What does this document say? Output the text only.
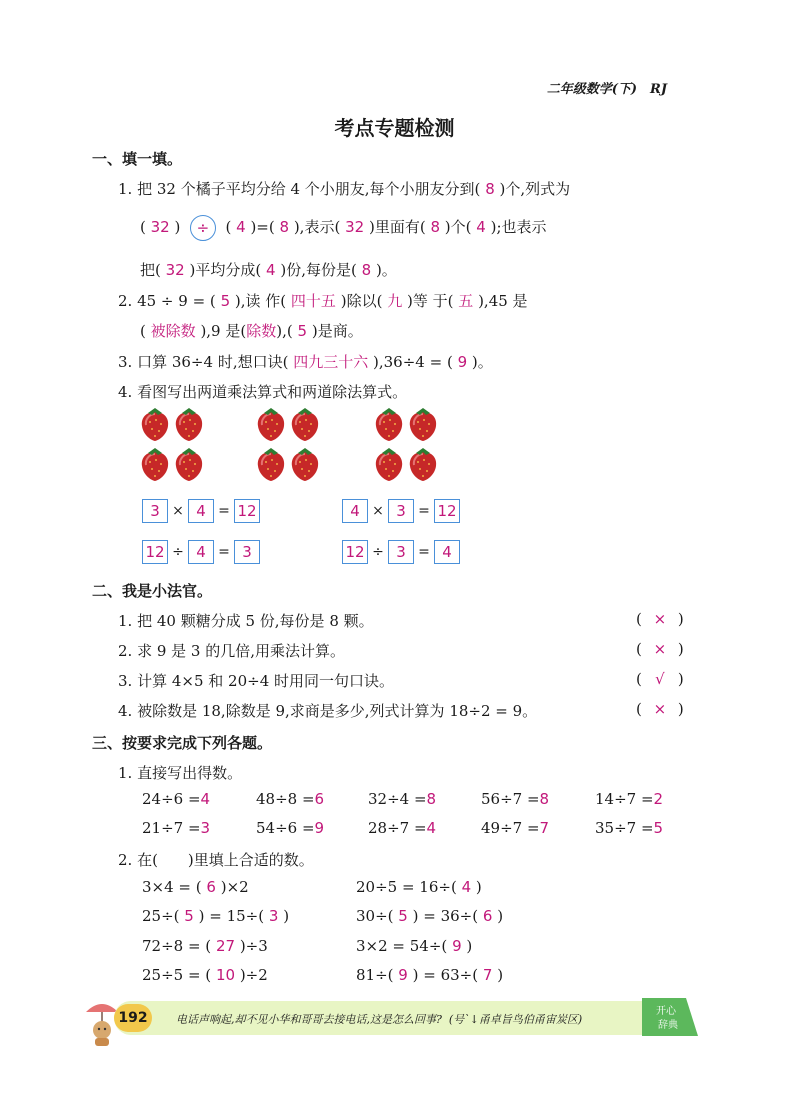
二年级数学(下)　RJ
考点专题检测
一、填一填。
1. 把 32 个橘子平均分给 4 个小朋友,每个小朋友分到( 8 )个,列式为
( 32 ) ÷ ( 4 )=( 8 ),表示( 32 )里面有( 8 )个( 4 );也表示
把( 32 )平均分成( 4 )份,每份是( 8 )。
2. 45 ÷ 9 = ( 5 ),读 作( 四十五 )除以( 九 )等 于( 五 ),45 是
( 被除数 ),9 是(除数),( 5 )是商。
3. 口算 36÷4 时,想口诀( 四九三十六 ),36÷4 = ( 9 )。
4. 看图写出两道乘法算式和两道除法算式。
3 × 4 = 12	4 × 3 = 12
12 ÷ 4 = 3	12 ÷ 3 = 4
二、我是小法官。
1. 把 40 颗糖分成 5 份,每份是 8 颗。	( × )
2. 求 9 是 3 的几倍,用乘法计算。	( × )
3. 计算 4×5 和 20÷4 时用同一句口诀。	( √ )
4. 被除数是 18,除数是 9,求商是多少,列式计算为 18÷2 = 9。	( × )
三、按要求完成下列各题。
1. 直接写出得数。
24÷6 =4	48÷8 =6	32÷4 =8	56÷7 =8	14÷7 =2
21÷7 =3	54÷6 =9	28÷7 =4	49÷7 =7	35÷7 =5
2. 在(　　)里填上合适的数。
3×4 = ( 6 )×2	20÷5 = 16÷( 4 )
25÷( 5 ) = 15÷( 3 )	30÷( 5 ) = 36÷( 6 )
72÷8 = ( 27 )÷3	3×2 = 54÷( 9 )
25÷5 = ( 10 )÷2	81÷( 9 ) = 63÷( 7 )
192	电话声响起,却不见小华和哥哥去接电话,这是怎么回事? (号`↓甬卓旨鸟伯甬宙炭区)
开心
辞典
